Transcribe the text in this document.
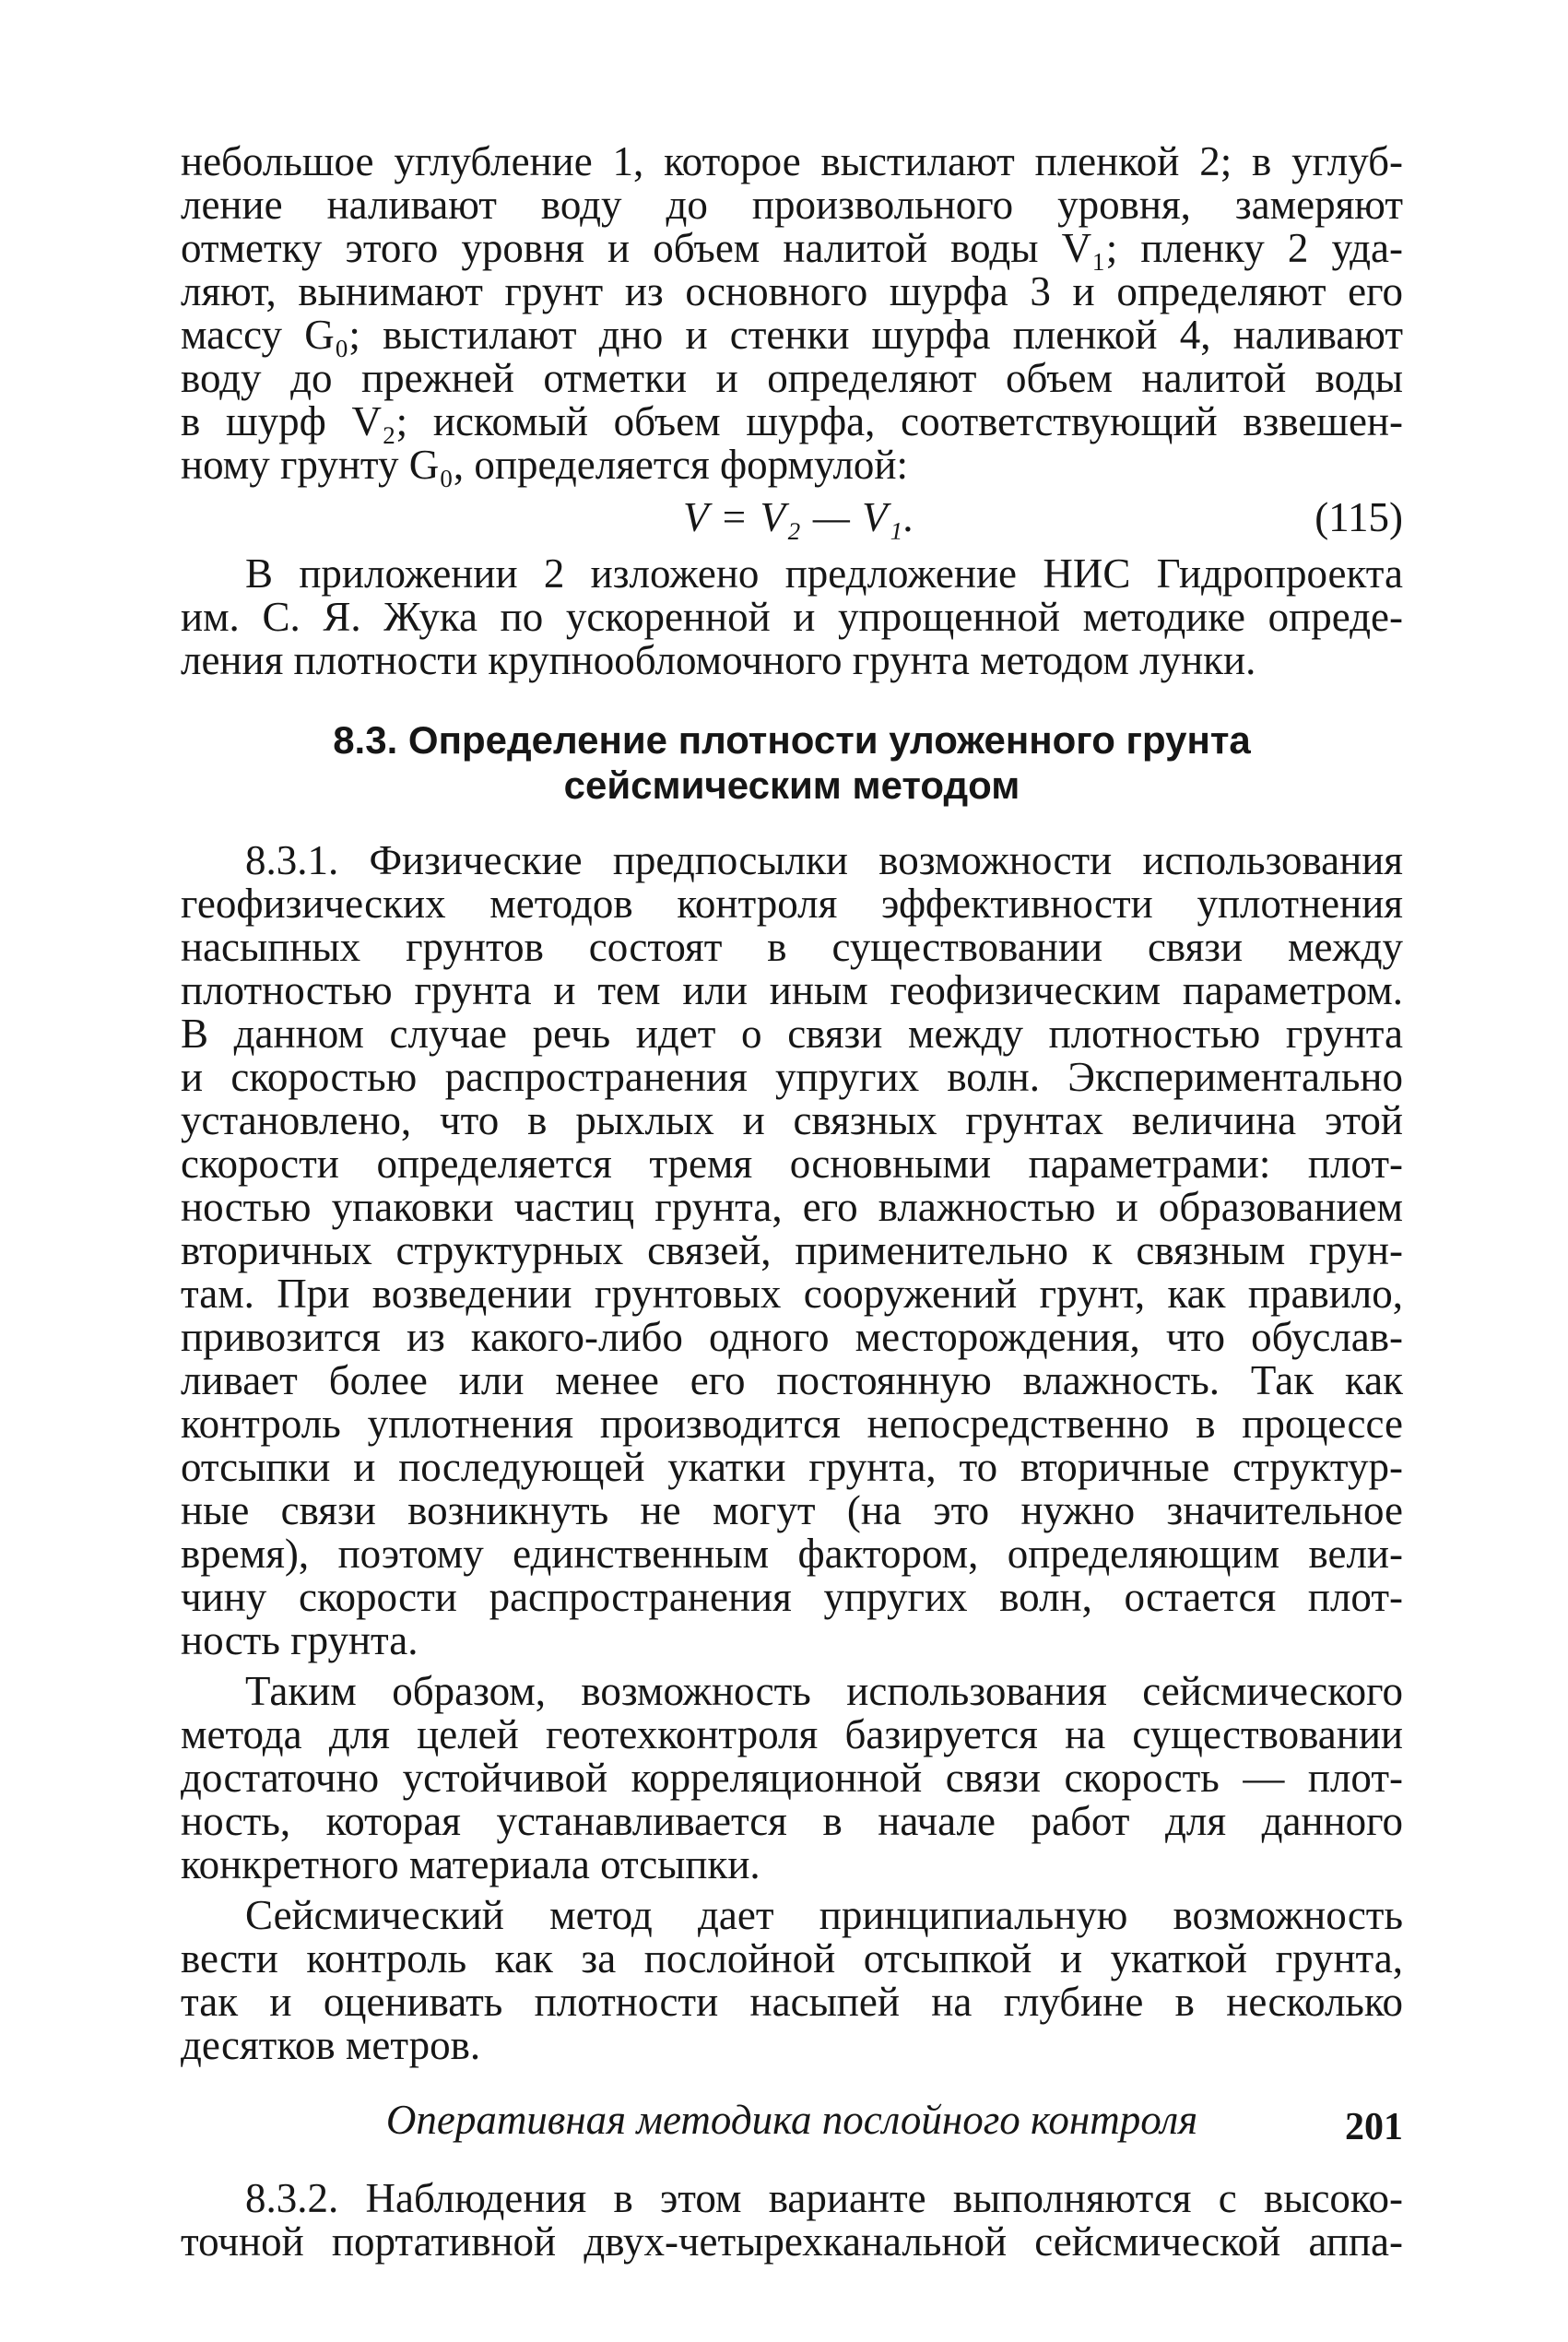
небольшое углубление 1, которое выстилают пленкой 2; в углуб-
ление наливают воду до произвольного уровня, замеряют
отметку этого уровня и объем налитой воды V₁; пленку 2 уда-
ляют, вынимают грунт из основного шурфа 3 и определяют его
массу G₀; выстилают дно и стенки шурфа пленкой 4, наливают
воду до прежней отметки и определяют объем налитой воды
в шурф V₂; искомый объем шурфа, соответствующий взвешен-
ному грунту G₀, определяется формулой:

V = V₂ — V₁.	(115)

В приложении 2 изложено предложение НИС Гидропроекта
им. С. Я. Жука по ускоренной и упрощенной методике опреде-
ления плотности крупнообломочного грунта методом лунки.

8.3. Определение плотности уложенного грунта
сейсмическим методом

8.3.1. Физические предпосылки возможности использования
геофизических методов контроля эффективности уплотнения
насыпных грунтов состоят в существовании связи между
плотностью грунта и тем или иным геофизическим параметром.
В данном случае речь идет о связи между плотностью грунта
и скоростью распространения упругих волн. Экспериментально
установлено, что в рыхлых и связных грунтах величина этой
скорости определяется тремя основными параметрами: плот-
ностью упаковки частиц грунта, его влажностью и образованием
вторичных структурных связей, применительно к связным грун-
там. При возведении грунтовых сооружений грунт, как правило,
привозится из какого-либо одного месторождения, что обуслав-
ливает более или менее его постоянную влажность. Так как
контроль уплотнения производится непосредственно в процессе
отсыпки и последующей укатки грунта, то вторичные структур-
ные связи возникнуть не могут (на это нужно значительное
время), поэтому единственным фактором, определяющим вели-
чину скорости распространения упругих волн, остается плот-
ность грунта.

Таким образом, возможность использования сейсмического
метода для целей геотехконтроля базируется на существовании
достаточно устойчивой корреляционной связи скорость — плот-
ность, которая устанавливается в начале работ для данного
конкретного материала отсыпки.

Сейсмический метод дает принципиальную возможность
вести контроль как за послойной отсыпкой и укаткой грунта,
так и оценивать плотности насыпей на глубине в несколько
десятков метров.

Оперативная методика послойного контроля

8.3.2. Наблюдения в этом варианте выполняются с высоко-
точной портативной двух-четырехканальной сейсмической аппа-

201
